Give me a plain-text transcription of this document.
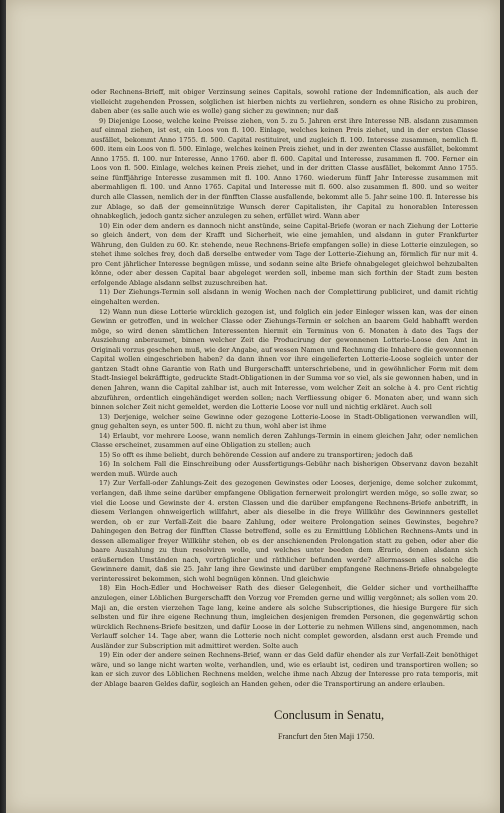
oder Rechnens-Brieff, mit obiger Verzinsung seines Capitals, sowohl ratione der Indemnification, als auch der vielleicht zugehenden Prossen, solglichen ist hierben nichts zu verliehren, sondern es ohne Risicho zu probiren, daben aber (es salle auch wie es wolle) gang sicher zu gewinnen; nur daß

9) Diejenige Loose, welche keine Preisse ziehen, von 5. zu 5. Jahren erst ihre Interesse NB. alsdann zusammen auf einmal ziehen, ist est, ein Loos von fl. 100. Einlage, welches keinen Preis ziehet, und in der ersten Classe ausfället, bekommt Anno 1755. fl. 500. Capital restituiret, und zugleich fl. 100. Interesse zusammen, nemlich fl. 600. item ein Loos von fl. 500. Einlage, welches keinen Preis ziehet, und in der zwenten Classe ausfället, bekommt Anno 1755. fl. 100. nur Interesse, Anno 1760. aber fl. 600. Capital und Interesse, zusammen fl. 700. Ferner ein Loos von fl. 500. Einlage, welches keinen Preis ziehet, und in der dritten Classe ausfället, bekommt Anno 1755. seine fünffjährige Interesse zusammen mit fl. 100. Anno 1760. wiederum fünff Jahr Interesse zusammen mit abermahligen fl. 100. und Anno 1765. Capital und Interesse mit fl. 600. also zusammen fl. 800. und so weiter durch alle Classen, nemlich der in der fünfften Classe ausfallende, bekommt alle 5. Jahr seine 100. fl. Interesse bis zur Ablage, so daß der gemeinnützige Wunsch derer Capitalisten, ihr Capital zu honorablen Interessen ohnabkeglich, jedoch gantz sicher anzulegen zu sehen, erfüllet wird. Wann aber

10) Ein oder dem andern es dannoch nicht anstünde, seine Capital-Briefe (woran er nach Ziehung der Lotterie so gleich ändert, von dem der Krafft und Sicherheit, wie eine jemahlen, und alsdann in guter Frankfurter Währung, den Gulden zu 60. Kr. stehende, neue Rechnens-Briefe empfangen solle) in diese Lotterie einzulegen, so stehet ihme solches frey, doch daß derselbe entweder vom Tage der Lotterie-Ziehung an, förmlich für nur mit 4. pro Cent jährlicher Interesse begnügen müsse, und sodann seine alte Briefe ohnabgeleget gleichwol behzubalten könne, oder aber dessen Capital baar abgeleget werden soll, inbeme man sich forthin der Stadt zum besten erfolgende Ablage alsdann selbst zuzuschreiben hat.

11) Der Ziehungs-Termin soll alsdann in wenig Wochen nach der Complettirung publiciret, und damit richtig eingehalten werden.

12) Wann nun diese Lotterie würcklich gezogen ist, und folglich ein jeder Einleger wissen kan, was der einen Gewinn er getroffen, und in welcher Classe oder Ziehungs-Termin er solchen an baarem Geld habhafft werden möge, so wird denen sämtlichen Interessenten hiermit ein Terminus von 6. Monaten à dato des Tags der Ausziehung anberaumet, binnen welcher Zeit die Producirung der gewonnenen Lotterie-Loose den Amt in Originali vorzus geschehen muß, wie der Angabe, auf wessen Namen und Rechnung die Inhabere die gewonnenen Capital wollen eingeschrieben haben? da dann ihnen vor ihre eingelieferten Lotterie-Loose sogleich unter der gantzen Stadt ohne Garantie von Rath und Burgerschafft unterschriebene, und in gewöhnlicher Form mit dem Stadt-Insiegel bekräfftigte, gedruckte Stadt-Obligationen in der Summa vor so viel, als sie gewonnen haben, und in denen Jahren, wann die Capital zahlbar ist, auch mit Interesse, vom welcher Zeit an solche à 4. pro Cent richtig abzuführen, ordentlich eingehändiget werden sollen; nach Verfliessung obiger 6. Monaten aber, und wann sich binnen solcher Zeit nicht gemeldet, werden die Lotterie Loose vor null und nichtig erkläret. Auch soll

13) Derjenige, welcher seine Gewinne oder gezogene Lotterie-Loose in Stadt-Obligationen verwandlen will, gnug gehalten seyn, es unter 500. fl. nicht zu thun, wohl aber ist ihme

14) Erlaubt, vor mehrere Loose, wann nemlich deren Zahlungs-Termin in einem gleichen Jahr, oder nemlichen Classe erscheinet, zusammen auf eine Obligation zu stellen; auch

15) So offt es ihme beliebt, durch behörende Cession auf andere zu transportiren; jedoch daß

16) In solchem Fall die Einschreibung oder Aussfertigungs-Gebühr nach bisherigen Observanz davon bezahlt werden muß. Würde auch

17) Zur Verfall-oder Zahlungs-Zeit des gezogenen Gewinstes oder Looses, derjenige, deme solcher zukommt, verlangen, daß ihme seine darüber empfangene Obligation fernerweit prolongirt werden möge, so solle zwar, so viel die Loose und Gewinste der 4. ersten Classen und die darüber empfangene Rechnens-Briefe anbetrifft, in diesem Verlangen ohnweigerlich willfahrt, aber als dieselbe in die freye Willkühr des Gewinnners gestellet werden, ob er zur Verfall-Zeit die baare Zahlung, oder weitere Prolongation seines Gewinstes, begehre? Dahingegen den Betrag der fünfften Classe betreffend, solle es zu Ermittlung Löblichen Rechnens-Amts und in dessen allemaliger freyer Willkühr stehen, ob es der anschienenden Prolongation statt zu geben, oder aber die baare Auszahlung zu thun resolviren wolle, und welches unter beeden dem Ærario, denen alsdann sich eräußernden Umständen nach, vorträglicher und räthlicher befunden werde? allermassen alles solche die Gewinnere damit, daß sie 25. Jahr lang ihre Gewinste und darüber empfangene Rechnens-Briefe ohnabgelegte verinteressiret bekommen, sich wohl begnügen können. Und gleichwie

18) Ein Hoch-Edler und Hochweiser Rath des dieser Gelegenheit, die Gelder sicher und vortheilhaffte anzulegen, einer Löblichen Burgerschafft den Vorzug vor Fremden gerne und willig vergönnet; als sollen vom 20. Maji an, die ersten vierzehen Tage lang, keine andere als solche Subscriptiones, die hiesige Burgere für sich selbsten und für ihre eigene Rechnung thun, imgleichen desjenigen fremden Personen, die gegenwärtig schon würcklich Rechnens-Briefe besitzen, und dafür Loose in der Lotterie zu nehmen Willens sind, angenommen, nach Verlauff solcher 14. Tage aber, wann die Lotterie noch nicht complet geworden, alsdann erst auch Fremde und Ausländer zur Subscription mit admittiret werden. Solte auch

19) Ein oder der andere seinen Rechnens-Brief, wann er das Geld dafür ehender als zur Verfall-Zeit benöthiget wäre, und so lange nicht warten wolte, verhandlen, und, wie es erlaubt ist, cediren und transportiren wollen; so kan er sich zuvor des Löblichen Rechnens melden, welche ihme nach Abzug der Interesse pro rata temporis, mit der Ablage baaren Geldes dafür, sogleich an Handen gehen, oder die Transportirung an andere erlauben.

Conclusum in Senatu,
Francfurt den 5ten Maji 1750.
